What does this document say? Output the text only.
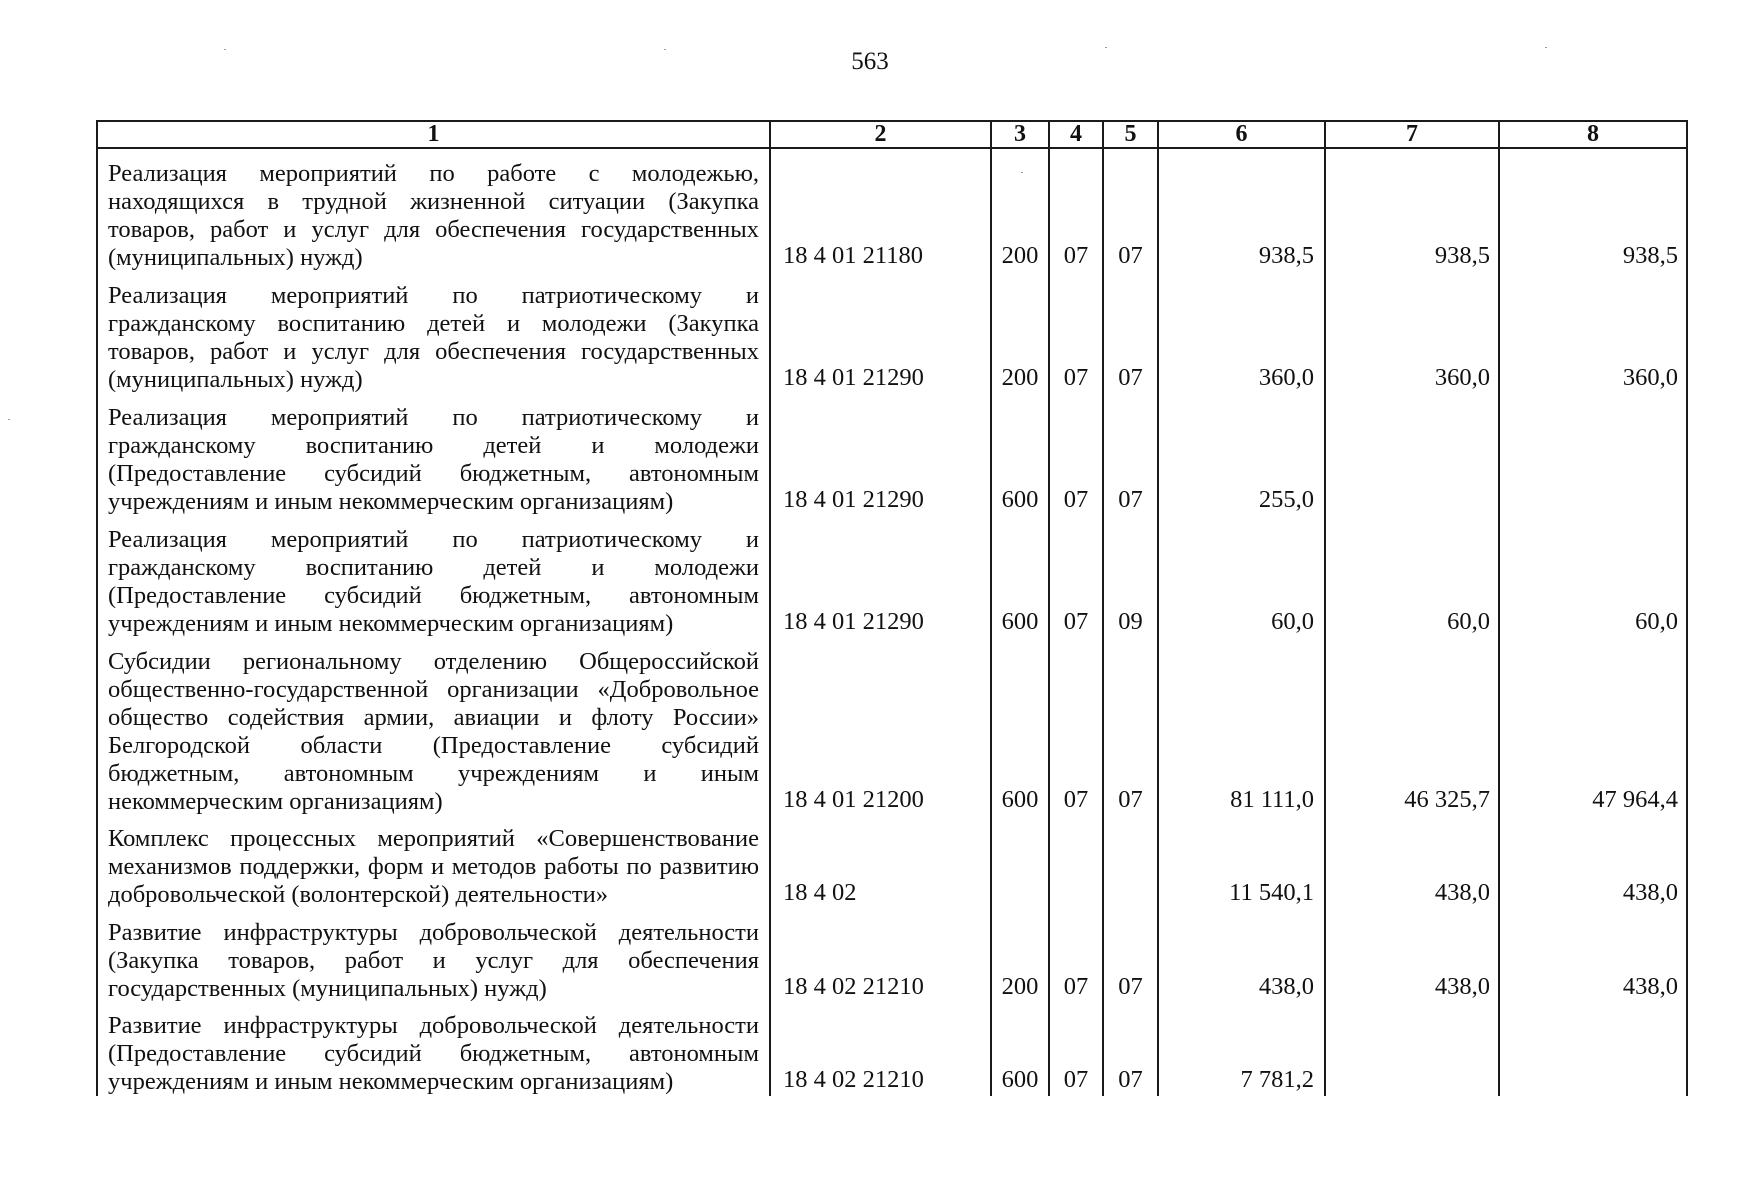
563
1	2	3	4	5	6	7	8
Реализация мероприятий по работе с молодежью, находящихся в трудной жизненной ситуации (Закупка товаров, работ и услуг для обеспечения государственных (муниципальных) нужд)	18 4 01 21180	200	07	07	938,5	938,5	938,5

Реализация мероприятий по патриотическому и гражданскому воспитанию детей и молодежи (Закупка товаров, работ и услуг для обеспечения государственных (муниципальных) нужд)	18 4 01 21290	200	07	07	360,0	360,0	360,0

Реализация мероприятий по патриотическому и гражданскому воспитанию детей и молодежи (Предоставление субсидий бюджетным, автономным учреждениям и иным некоммерческим организациям)	18 4 01 21290	600	07	07	255,0		

Реализация мероприятий по патриотическому и гражданскому воспитанию детей и молодежи (Предоставление субсидий бюджетным, автономным учреждениям и иным некоммерческим организациям)	18 4 01 21290	600	07	09	60,0	60,0	60,0

Субсидии региональному отделению Общероссийской общественно-государственной организации «Добровольное общество содействия армии, авиации и флоту России» Белгородской области (Предоставление субсидий бюджетным, автономным учреждениям и иным некоммерческим организациям)	18 4 01 21200	600	07	07	81 111,0	46 325,7	47 964,4

Комплекс процессных мероприятий «Совершенствование механизмов поддержки, форм и методов работы по развитию добровольческой (волонтерской) деятельности»	18 4 02				11 540,1	438,0	438,0

Развитие инфраструктуры добровольческой деятельности (Закупка товаров, работ и услуг для обеспечения государственных (муниципальных) нужд)	18 4 02 21210	200	07	07	438,0	438,0	438,0

Развитие инфраструктуры добровольческой деятельности (Предоставление субсидий бюджетным, автономным учреждениям и иным некоммерческим организациям)	18 4 02 21210	600	07	07	7 781,2		
